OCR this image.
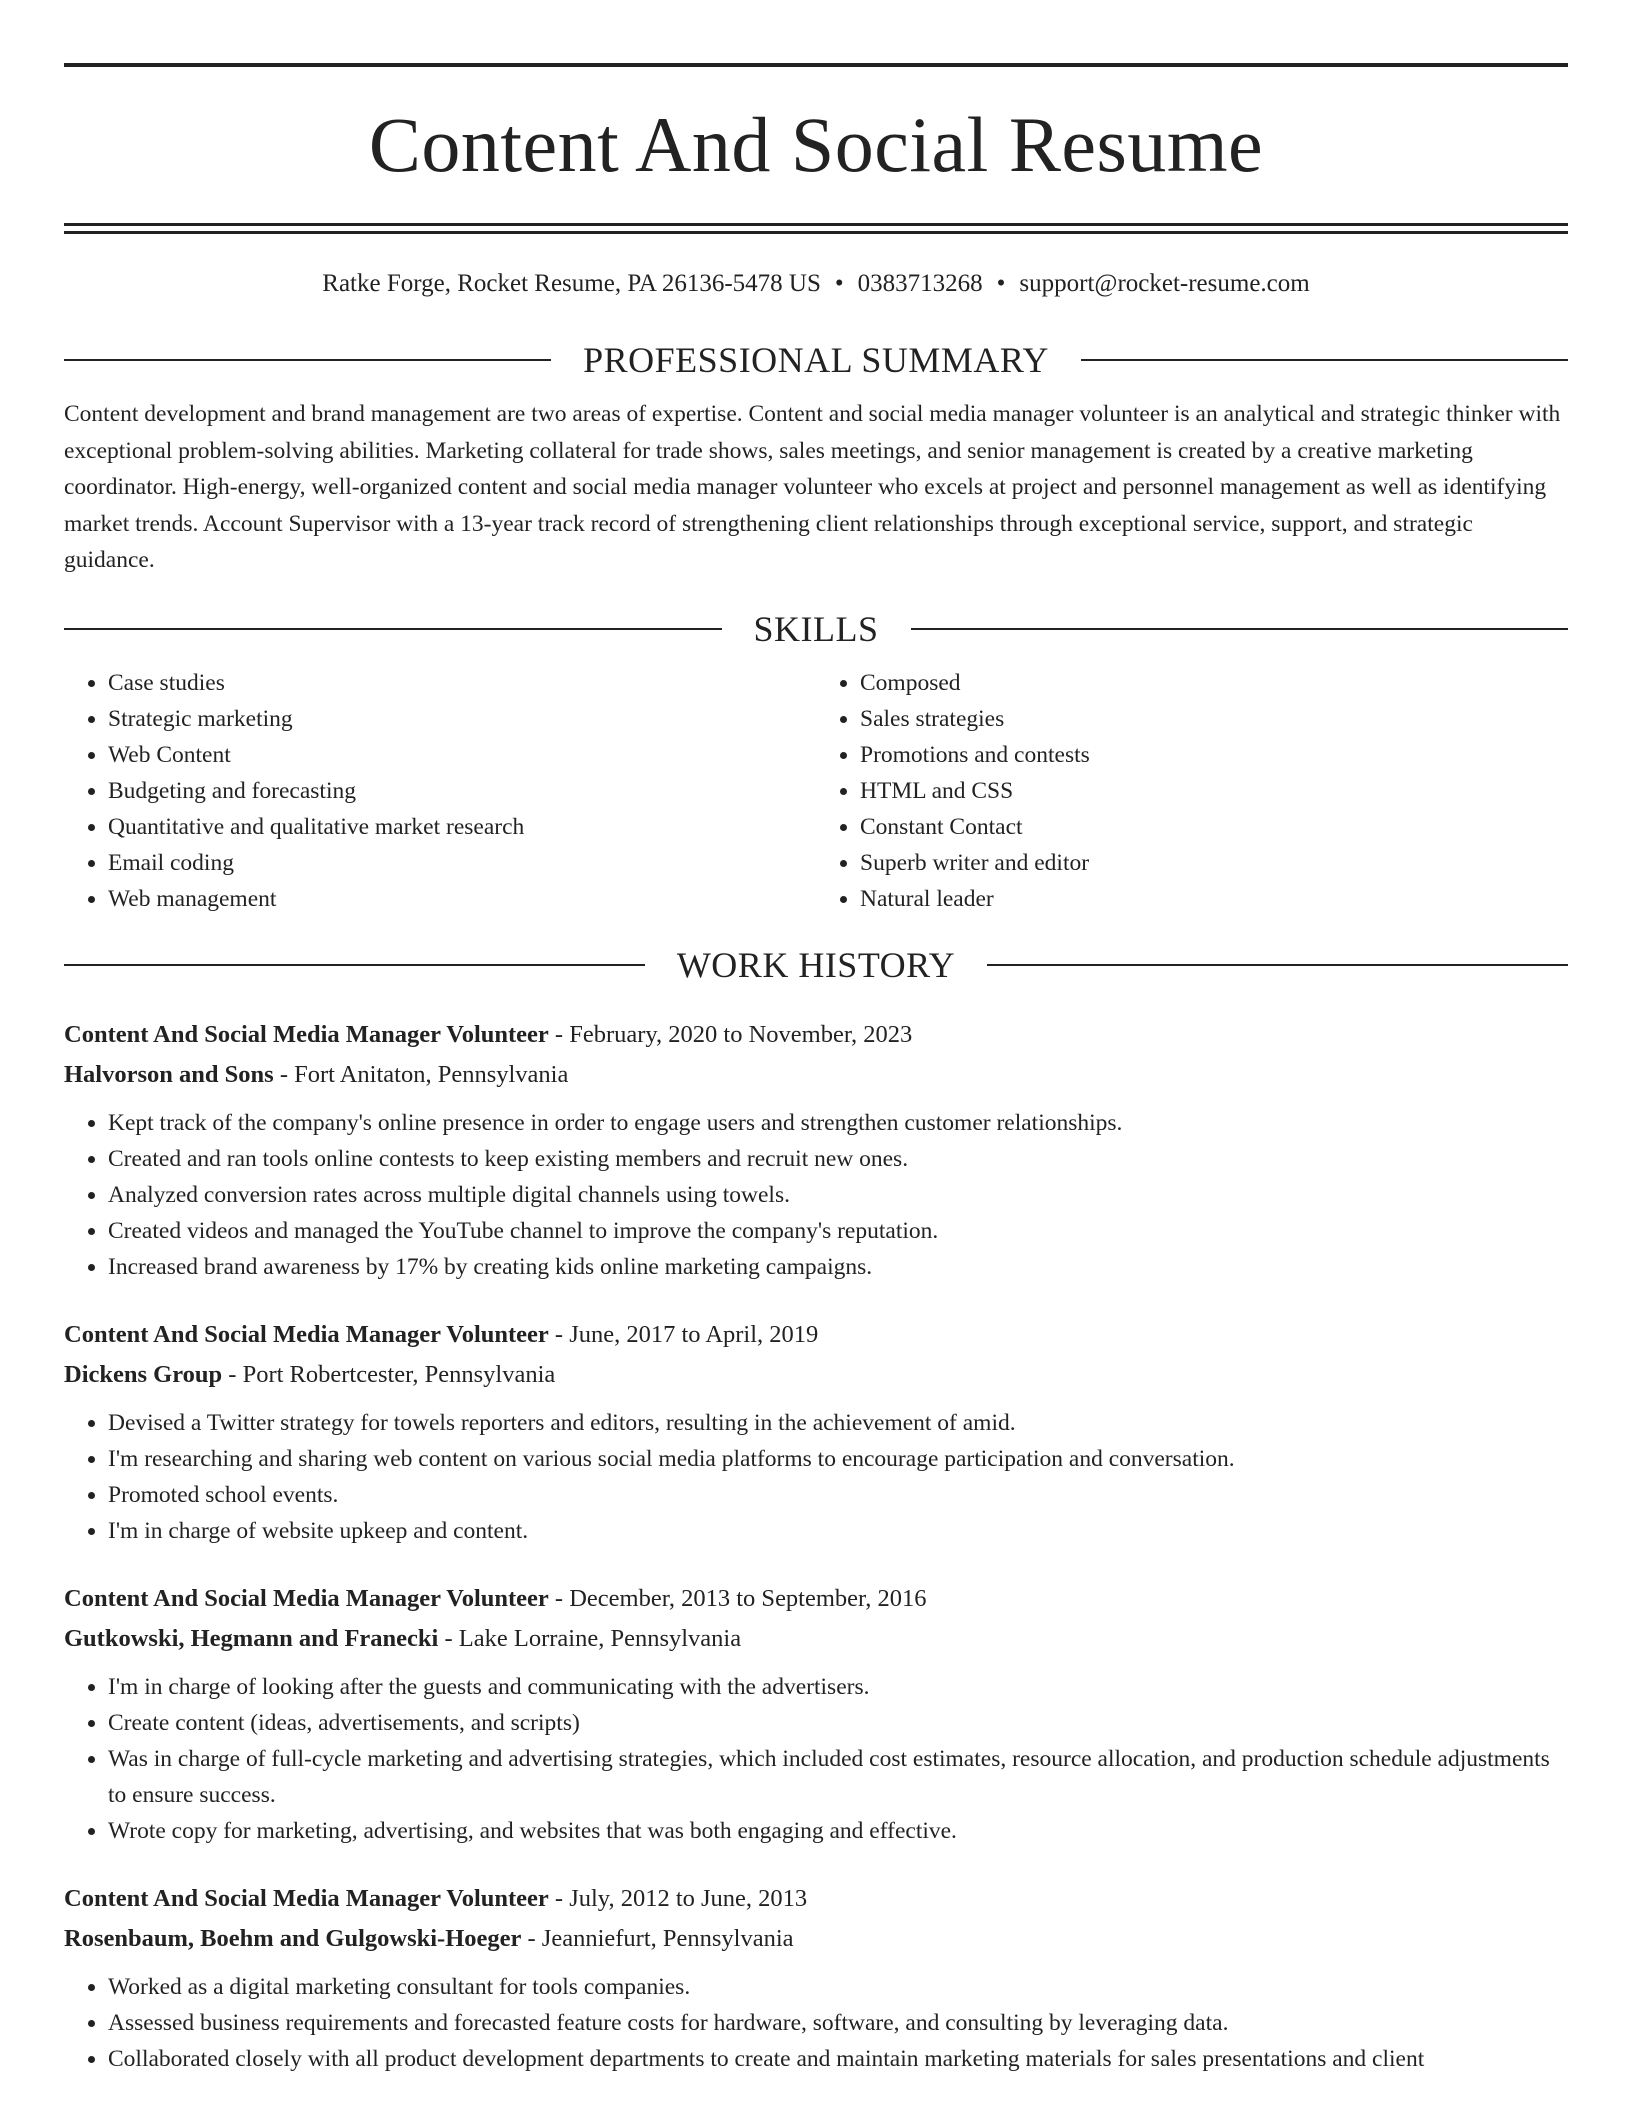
Content And Social Resume
Ratke Forge, Rocket Resume, PA 26136-5478 US • 0383713268 • support@rocket-resume.com
PROFESSIONAL SUMMARY

Content development and brand management are two areas of expertise. Content and social media manager volunteer is an analytical and strategic thinker with exceptional problem-solving abilities. Marketing collateral for trade shows, sales meetings, and senior management is created by a creative marketing coordinator. High-energy, well-organized content and social media manager volunteer who excels at project and personnel management as well as identifying market trends. Account Supervisor with a 13-year track record of strengthening client relationships through exceptional service, support, and strategic guidance.

SKILLS
• Case studies
• Strategic marketing
• Web Content
• Budgeting and forecasting
• Quantitative and qualitative market research
• Email coding
• Web management
• Composed
• Sales strategies
• Promotions and contests
• HTML and CSS
• Constant Contact
• Superb writer and editor
• Natural leader
WORK HISTORY
Content And Social Media Manager Volunteer - February, 2020 to November, 2023
Halvorson and Sons - Fort Anitaton, Pennsylvania
• Kept track of the company's online presence in order to engage users and strengthen customer relationships.
• Created and ran tools online contests to keep existing members and recruit new ones.
• Analyzed conversion rates across multiple digital channels using towels.
• Created videos and managed the YouTube channel to improve the company's reputation.
• Increased brand awareness by 17% by creating kids online marketing campaigns.
Content And Social Media Manager Volunteer - June, 2017 to April, 2019
Dickens Group - Port Robertcester, Pennsylvania
• Devised a Twitter strategy for towels reporters and editors, resulting in the achievement of amid.
• I'm researching and sharing web content on various social media platforms to encourage participation and conversation.
• Promoted school events.
• I'm in charge of website upkeep and content.
Content And Social Media Manager Volunteer - December, 2013 to September, 2016
Gutkowski, Hegmann and Franecki - Lake Lorraine, Pennsylvania
• I'm in charge of looking after the guests and communicating with the advertisers.
• Create content (ideas, advertisements, and scripts)
• Was in charge of full-cycle marketing and advertising strategies, which included cost estimates, resource allocation, and production schedule adjustments to ensure success.
• Wrote copy for marketing, advertising, and websites that was both engaging and effective.
Content And Social Media Manager Volunteer - July, 2012 to June, 2013
Rosenbaum, Boehm and Gulgowski-Hoeger - Jeanniefurt, Pennsylvania
• Worked as a digital marketing consultant for tools companies.
• Assessed business requirements and forecasted feature costs for hardware, software, and consulting by leveraging data.
• Collaborated closely with all product development departments to create and maintain marketing materials for sales presentations and client
